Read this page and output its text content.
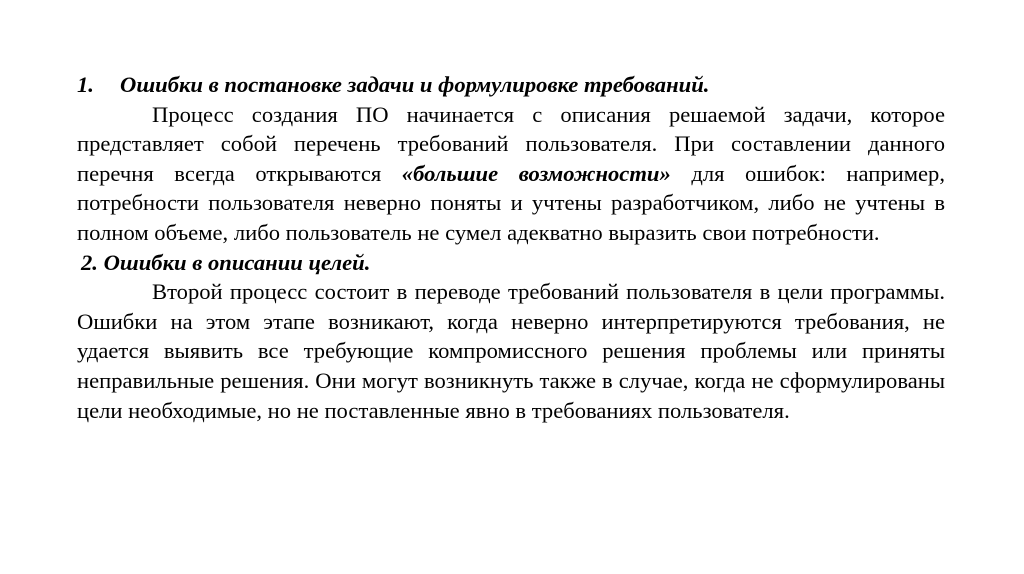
1. Ошибки в постановке задачи и формулировке требований.

Процесс создания ПО начинается с описания решаемой задачи, которое представляет собой перечень требований пользователя. При составлении данного перечня всегда открываются «большие возможности» для ошибок: например, потребности пользователя неверно поняты и учтены разработчиком, либо не учтены в полном объеме, либо пользователь не сумел адекватно выразить свои потребности.

2. Ошибки в описании целей.

Второй процесс состоит в переводе требований пользователя в цели программы. Ошибки на этом этапе возникают, когда неверно интерпретируются требования, не удается выявить все требующие компромиссного решения проблемы или приняты неправильные решения. Они могут возникнуть также в случае, когда не сформулированы цели необходимые, но не поставленные явно в требованиях пользователя.
